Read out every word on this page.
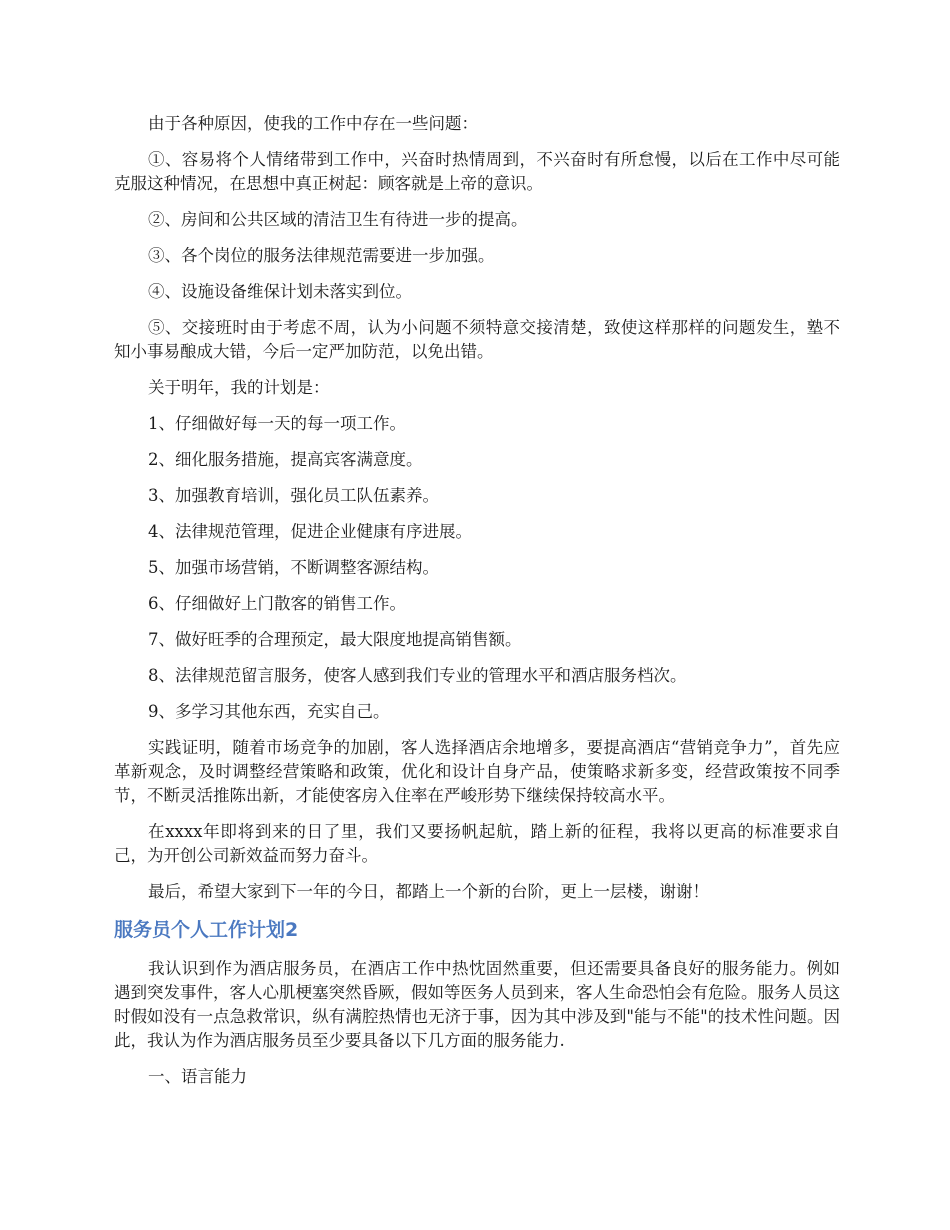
由于各种原因，使我的工作中存在一些问题：

①、容易将个人情绪带到工作中，兴奋时热情周到，不兴奋时有所怠慢，以后在工作中尽可能克服这种情况，在思想中真正树起：顾客就是上帝的意识。

②、房间和公共区域的清洁卫生有待进一步的提高。

③、各个岗位的服务法律规范需要进一步加强。

④、设施设备维保计划未落实到位。

⑤、交接班时由于考虑不周，认为小问题不须特意交接清楚，致使这样那样的问题发生，塾不知小事易酿成大错，今后一定严加防范，以免出错。

关于明年，我的计划是：

1、仔细做好每一天的每一项工作。

2、细化服务措施，提高宾客满意度。

3、加强教育培训，强化员工队伍素养。

4、法律规范管理，促进企业健康有序进展。

5、加强市场营销，不断调整客源结构。

6、仔细做好上门散客的销售工作。

7、做好旺季的合理预定，最大限度地提高销售额。

8、法律规范留言服务，使客人感到我们专业的管理水平和酒店服务档次。

9、多学习其他东西，充实自己。

实践证明，随着市场竞争的加剧，客人选择酒店余地增多，要提高酒店“营销竞争力”，首先应革新观念，及时调整经营策略和政策，优化和设计自身产品，使策略求新多变，经营政策按不同季节，不断灵活推陈出新，才能使客房入住率在严峻形势下继续保持较高水平。

在xxxx年即将到来的日了里，我们又要扬帆起航，踏上新的征程，我将以更高的标准要求自己，为开创公司新效益而努力奋斗。

最后，希望大家到下一年的今日，都踏上一个新的台阶，更上一层楼，谢谢！

服务员个人工作计划2

我认识到作为酒店服务员，在酒店工作中热忱固然重要，但还需要具备良好的服务能力。例如遇到突发事件，客人心肌梗塞突然昏厥，假如等医务人员到来，客人生命恐怕会有危险。服务人员这时假如没有一点急救常识，纵有满腔热情也无济于事，因为其中涉及到"能与不能"的技术性问题。因此，我认为作为酒店服务员至少要具备以下几方面的服务能力.

一、语言能力
